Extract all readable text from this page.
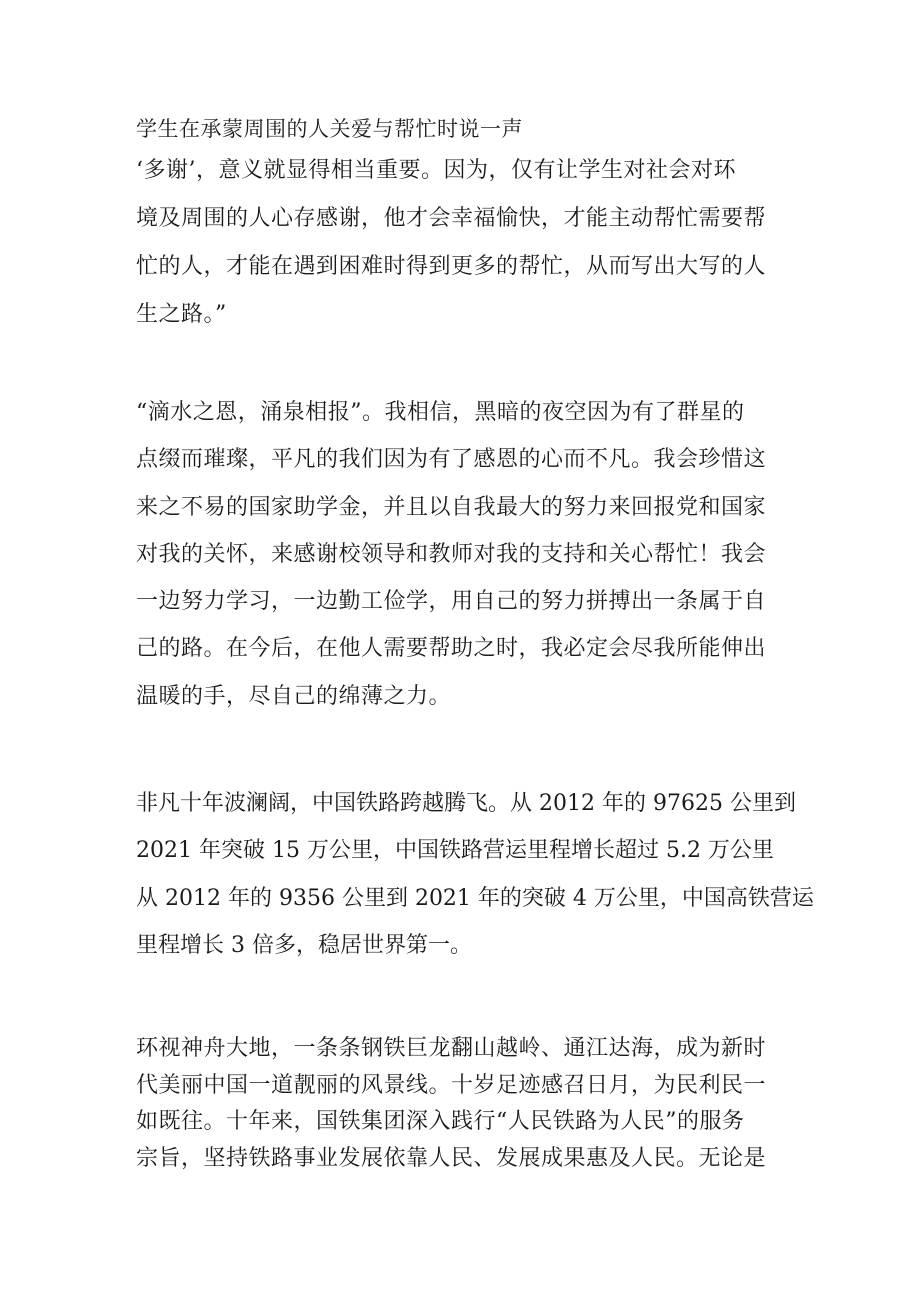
学生在承蒙周围的人关爱与帮忙时说一声
‘多谢’，意义就显得相当重要。因为，仅有让学生对社会对环
境及周围的人心存感谢，他才会幸福愉快，才能主动帮忙需要帮
忙的人，才能在遇到困难时得到更多的帮忙，从而写出大写的人
生之路。”

“滴水之恩，涌泉相报”。我相信，黑暗的夜空因为有了群星的
点缀而璀璨，平凡的我们因为有了感恩的心而不凡。我会珍惜这
来之不易的国家助学金，并且以自我最大的努力来回报党和国家
对我的关怀，来感谢校领导和教师对我的支持和关心帮忙！我会
一边努力学习，一边勤工俭学，用自己的努力拼搏出一条属于自
己的路。在今后，在他人需要帮助之时，我必定会尽我所能伸出
温暖的手，尽自己的绵薄之力。

非凡十年波澜阔，中国铁路跨越腾飞。从 2012 年的 97625 公里到
2021 年突破 15 万公里，中国铁路营运里程增长超过 5.2 万公里
从 2012 年的 9356 公里到 2021 年的突破 4 万公里，中国高铁营运
里程增长 3 倍多，稳居世界第一。

环视神舟大地，一条条钢铁巨龙翻山越岭、通江达海，成为新时
代美丽中国一道靓丽的风景线。十岁足迹感召日月，为民利民一
如既往。十年来，国铁集团深入践行“人民铁路为人民”的服务
宗旨，坚持铁路事业发展依靠人民、发展成果惠及人民。无论是
